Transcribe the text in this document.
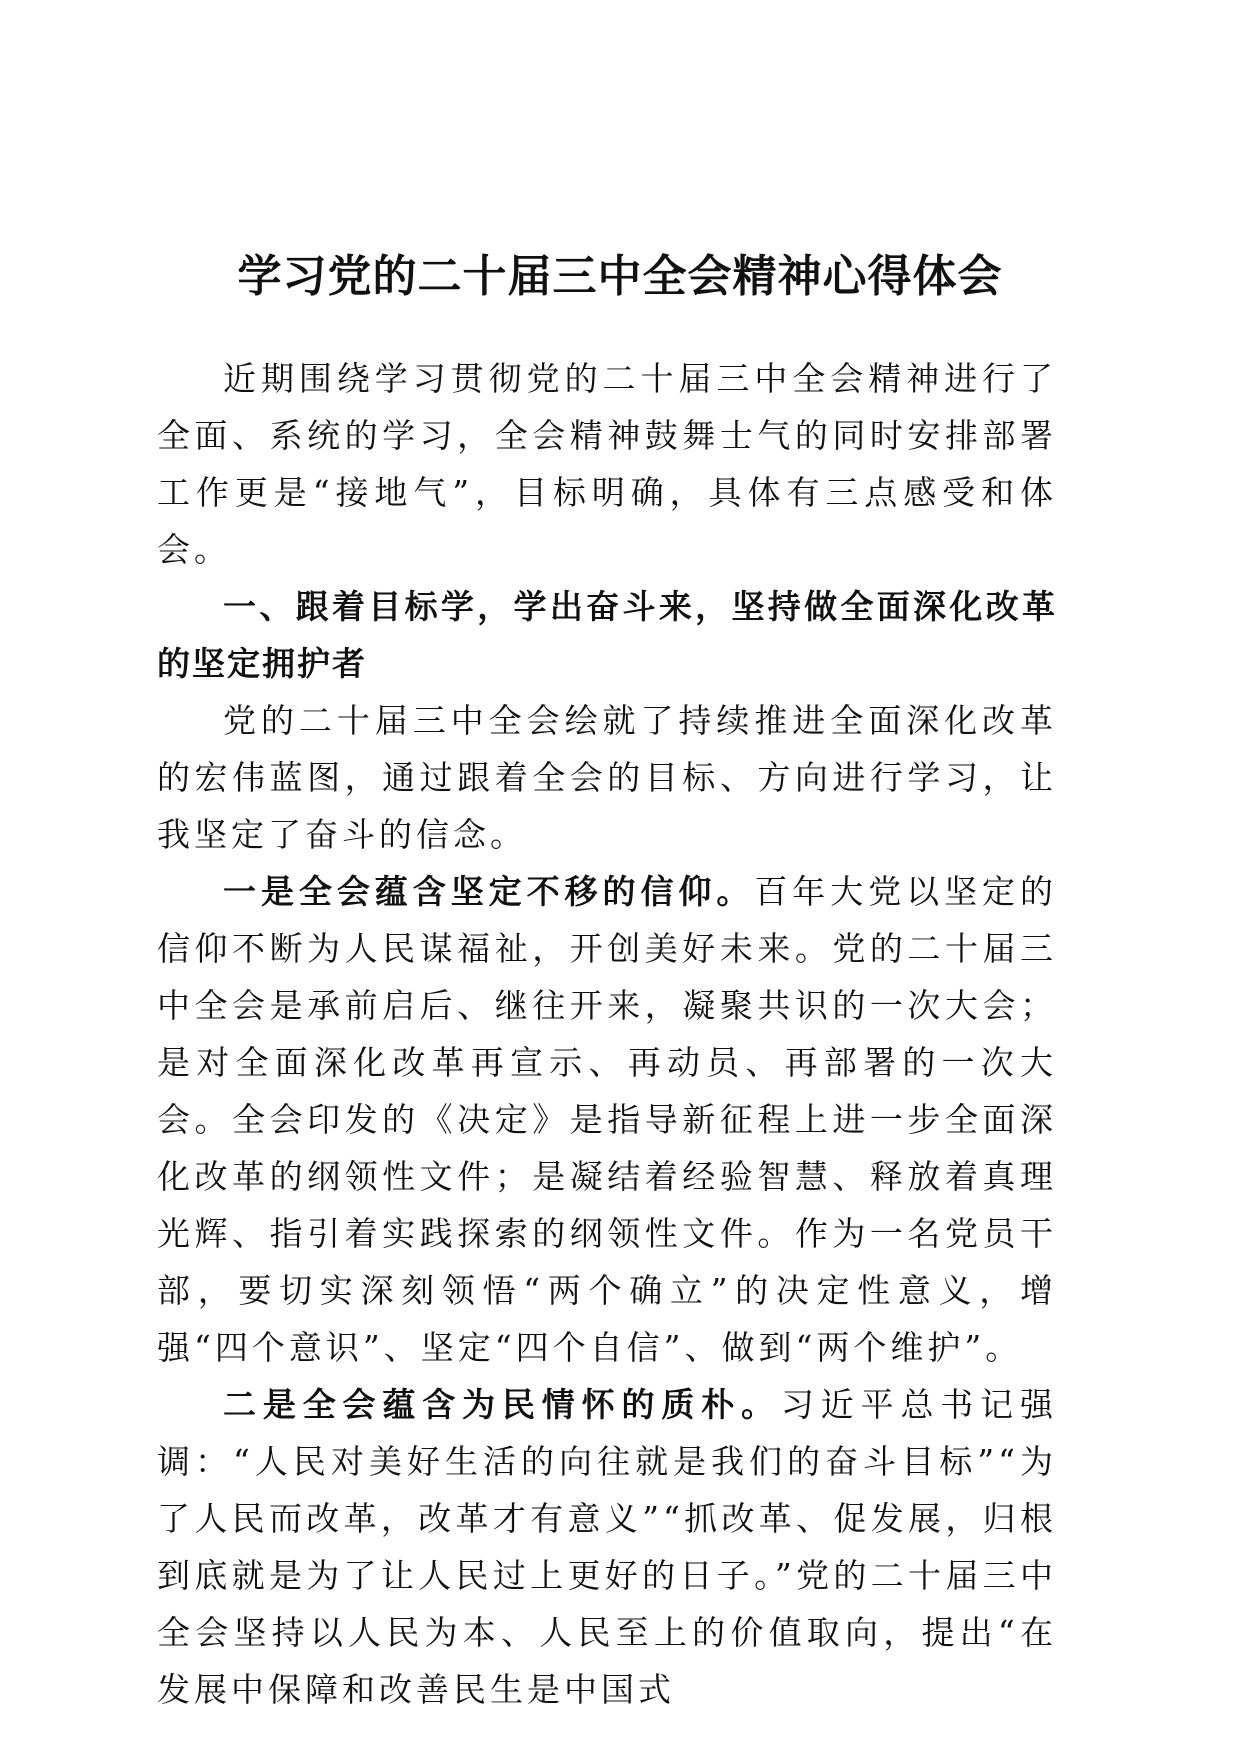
学习党的二十届三中全会精神心得体会

近期围绕学习贯彻党的二十届三中全会精神进行了全面、系统的学习，全会精神鼓舞士气的同时安排部署工作更是“接地气”，目标明确，具体有三点感受和体会。

一、跟着目标学，学出奋斗来，坚持做全面深化改革的坚定拥护者

党的二十届三中全会绘就了持续推进全面深化改革的宏伟蓝图，通过跟着全会的目标、方向进行学习，让我坚定了奋斗的信念。

一是全会蕴含坚定不移的信仰。百年大党以坚定的信仰不断为人民谋福祉，开创美好未来。党的二十届三中全会是承前启后、继往开来，凝聚共识的一次大会；是对全面深化改革再宣示、再动员、再部署的一次大会。全会印发的《决定》是指导新征程上进一步全面深化改革的纲领性文件；是凝结着经验智慧、释放着真理光辉、指引着实践探索的纲领性文件。作为一名党员干部，要切实深刻领悟“两个确立”的决定性意义，增强“四个意识”、坚定“四个自信”、做到“两个维护”。

二是全会蕴含为民情怀的质朴。习近平总书记强调：“人民对美好生活的向往就是我们的奋斗目标”“为了人民而改革，改革才有意义”“抓改革、促发展，归根到底就是为了让人民过上更好的日子。”党的二十届三中全会坚持以人民为本、人民至上的价值取向，提出“在发展中保障和改善民生是中国式
